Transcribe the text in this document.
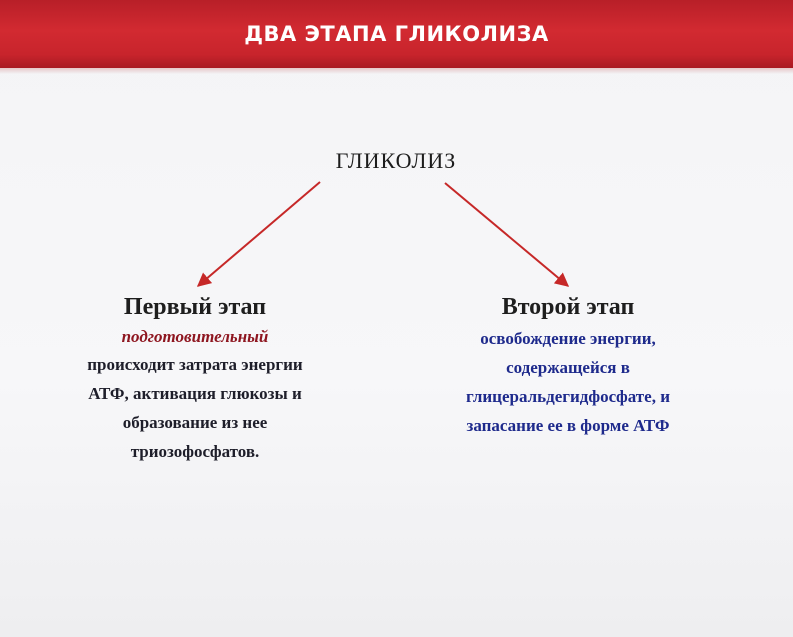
ДВА ЭТАПА ГЛИКОЛИЗА
ГЛИКОЛИЗ
Первый этап
подготовительный
происходит затрата энергии
АТФ, активация глюкозы и
образование из нее
триозофосфатов.
Второй этап
освобождение энергии,
содержащейся в
глицеральдегидфосфате, и
запасание ее в форме АТФ
